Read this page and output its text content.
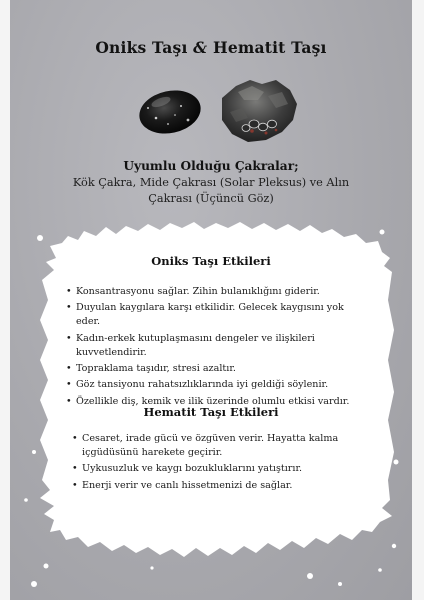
Oniks Taşı & Hematit Taşı
Uyumlu Olduğu Çakralar;
Kök Çakra, Mide Çakrası (Solar Pleksus) ve Alın Çakrası (Üçüncü Göz)
Oniks Taşı Etkileri
• Konsantrasyonu sağlar. Zihin bulanıklığını giderir.
• Duyulan kaygılara karşı etkilidir. Gelecek kaygısını yok eder.
• Kadın-erkek kutuplaşmasını dengeler ve ilişkileri kuvvetlendirir.
• Topraklama taşıdır, stresi azaltır.
• Göz tansiyonu rahatsızlıklarında iyi geldiği söylenir.
• Özellikle diş, kemik ve ilik üzerinde olumlu etkisi vardır.
Hematit Taşı Etkileri
• Cesaret, irade gücü ve özgüven verir. Hayatta kalma içgüdüsünü harekete geçirir.
• Uykusuzluk ve kaygı bozukluklarını yatıştırır.
• Enerji verir ve canlı hissetmenizi de sağlar.
